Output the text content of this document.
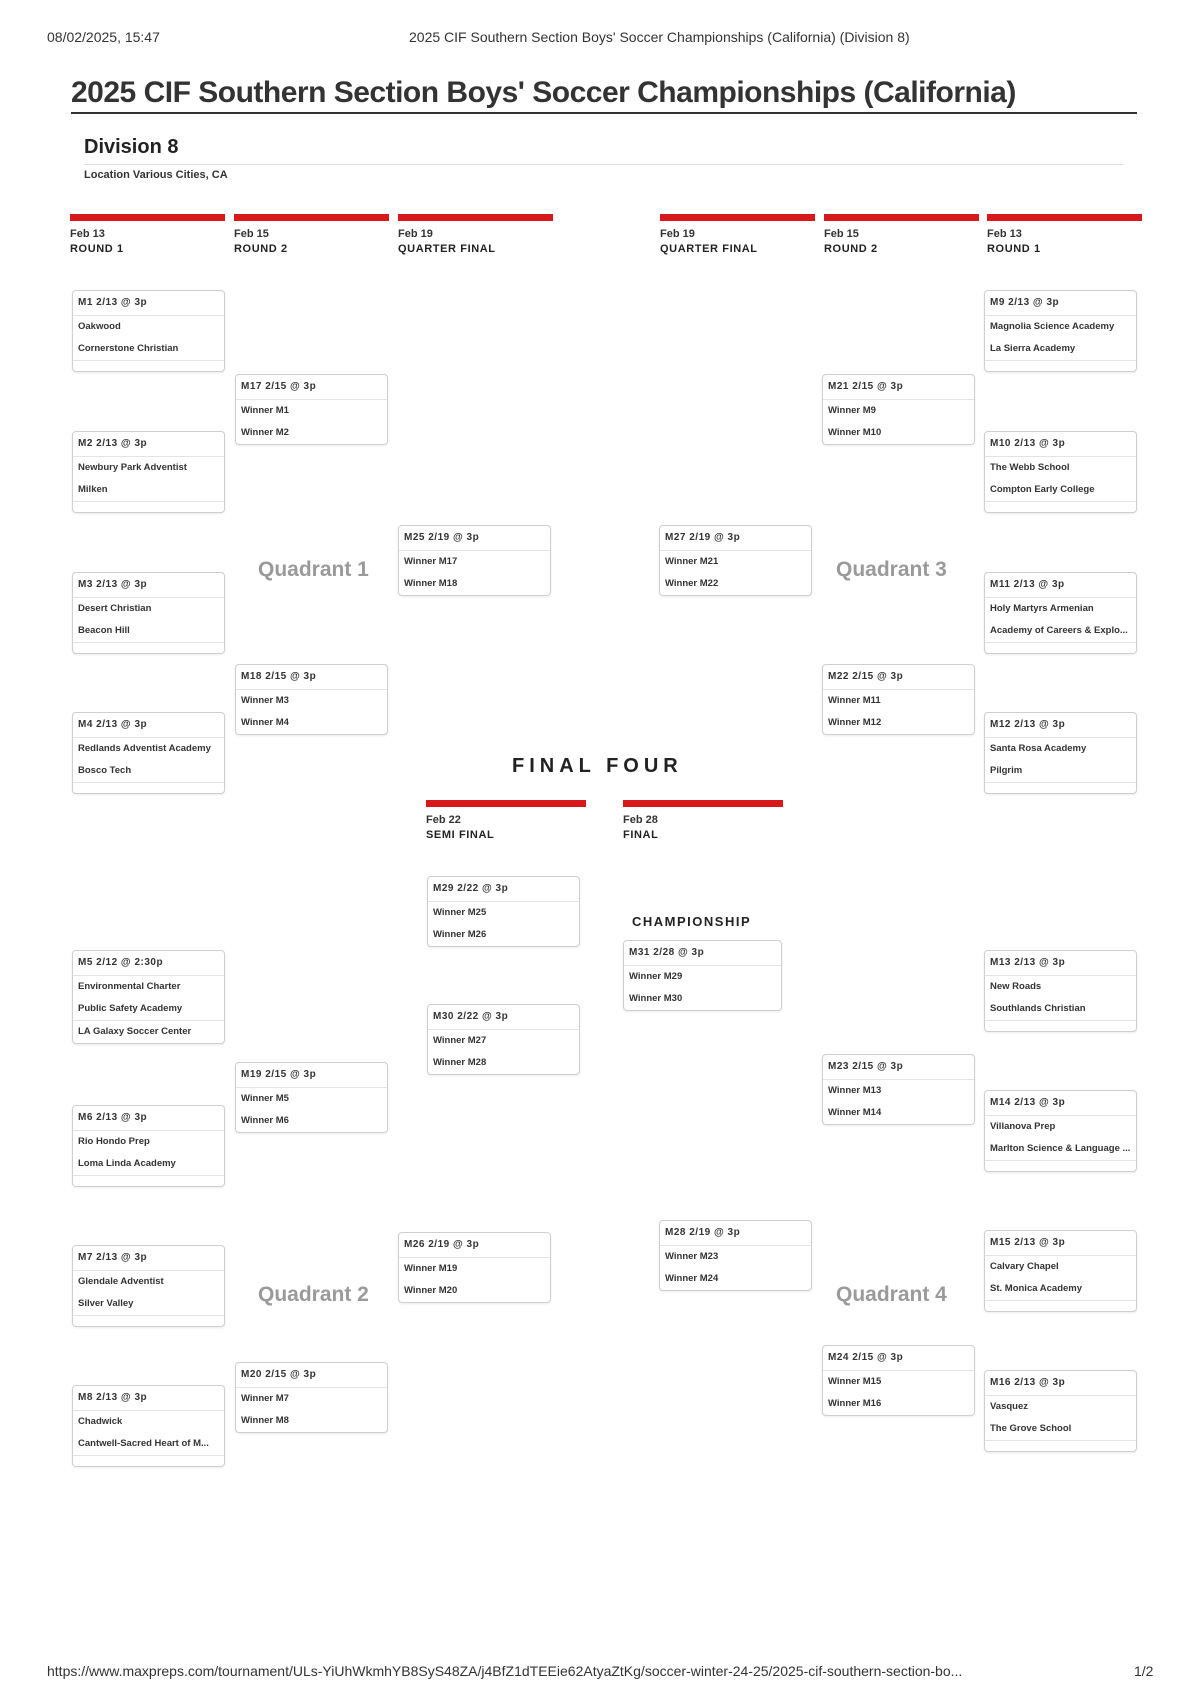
08/02/2025, 15:47	2025 CIF Southern Section Boys' Soccer Championships (California) (Division 8)
2025 CIF Southern Section Boys' Soccer Championships (California)
Division 8
Location Various Cities, CA
Feb 13
ROUND 1
Feb 15
ROUND 2
Feb 19
QUARTER FINAL
Feb 19
QUARTER FINAL
Feb 15
ROUND 2
Feb 13
ROUND 1
Quadrant 1	Quadrant 3
Quadrant 2	Quadrant 4
FINAL FOUR
Feb 22
SEMI FINAL
Feb 28
FINAL
CHAMPIONSHIP
M1 2/13 @ 3p
Oakwood
Cornerstone Christian
M2 2/13 @ 3p
Newbury Park Adventist
Milken
M3 2/13 @ 3p
Desert Christian
Beacon Hill
M4 2/13 @ 3p
Redlands Adventist Academy
Bosco Tech
M5 2/12 @ 2:30p
Environmental Charter
Public Safety Academy
LA Galaxy Soccer Center
M6 2/13 @ 3p
Rio Hondo Prep
Loma Linda Academy
M7 2/13 @ 3p
Glendale Adventist
Silver Valley
M8 2/13 @ 3p
Chadwick
Cantwell-Sacred Heart of M...
M9 2/13 @ 3p
Magnolia Science Academy
La Sierra Academy
M10 2/13 @ 3p
The Webb School
Compton Early College
M11 2/13 @ 3p
Holy Martyrs Armenian
Academy of Careers & Explo...
M12 2/13 @ 3p
Santa Rosa Academy
Pilgrim
M13 2/13 @ 3p
New Roads
Southlands Christian
M14 2/13 @ 3p
Villanova Prep
Marlton Science & Language ...
M15 2/13 @ 3p
Calvary Chapel
St. Monica Academy
M16 2/13 @ 3p
Vasquez
The Grove School
M17 2/15 @ 3p
Winner M1
Winner M2
M18 2/15 @ 3p
Winner M3
Winner M4
M19 2/15 @ 3p
Winner M5
Winner M6
M20 2/15 @ 3p
Winner M7
Winner M8
M21 2/15 @ 3p
Winner M9
Winner M10
M22 2/15 @ 3p
Winner M11
Winner M12
M23 2/15 @ 3p
Winner M13
Winner M14
M24 2/15 @ 3p
Winner M15
Winner M16
M25 2/19 @ 3p
Winner M17
Winner M18
M26 2/19 @ 3p
Winner M19
Winner M20
M27 2/19 @ 3p
Winner M21
Winner M22
M28 2/19 @ 3p
Winner M23
Winner M24
M29 2/22 @ 3p
Winner M25
Winner M26
M30 2/22 @ 3p
Winner M27
Winner M28
M31 2/28 @ 3p
Winner M29
Winner M30
https://www.maxpreps.com/tournament/ULs-YiUhWkmhYB8SyS48ZA/j4BfZ1dTEEie62AtyaZtKg/soccer-winter-24-25/2025-cif-southern-section-bo...	1/2
